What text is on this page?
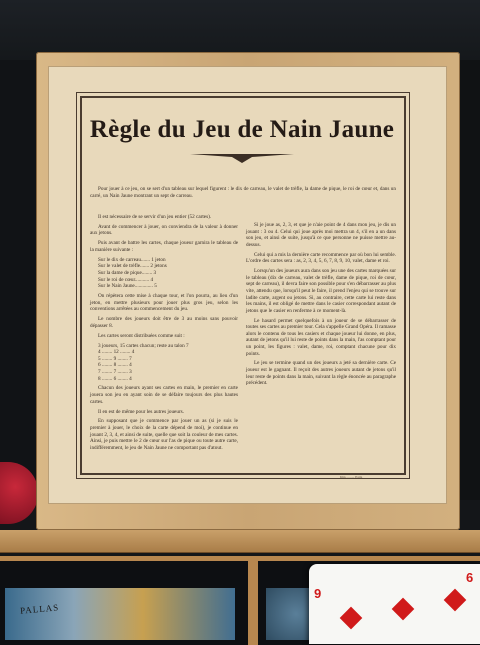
Règle du Jeu de Nain Jaune

Pour jouer à ce jeu, on se sert d'un tableau sur lequel figurent : le dix de carreau, le valet de trèfle, la dame de pique, le roi de cœur et, dans un carré, un Nain Jaune montrant un sept de carreau.

Il est nécessaire de se servir d'un jeu entier (52 cartes).

Avant de commencer à jouer, on conviendra de la valeur à donner aux jetons.

Puis avant de battre les cartes, chaque joueur garnira le tableau de la manière suivante :

Sur le dix de carreau....... 1 jeton

Sur le valet de trèfle....... 2 jetons

Sur la dame de pique........ 3

Sur le roi de cœur........... 4

Sur le Nain Jaune.............. 5

On répètera cette mise à chaque tour, et l'on pourra, au lieu d'un jeton, en mettre plusieurs pour jouer plus gros jeu, selon les conventions arrêtées au commencement du jeu.

Le nombre des joueurs doit être de 3 au moins sans pouvoir dépasser 8.

Les cartes seront distribuées comme suit :

3 joueurs, 15 cartes chacun; reste au talon 7

4 ........ 12 ........ 4

5 ........ 9 ........ 7

6 ........ 8 ........ 4

7 ........ 7 ........ 3

8 ........ 6 ........ 4

Chacun des joueurs ayant ses cartes en main, le premier en carte jouera son jeu en ayant soin de se défaire toujours des plus hautes cartes.

Il en est de même pour les autres joueurs.

En supposant que je commence par jouer un as (si je suis le premier à jouer, le choix de la carte dépend de moi), je continue en jouant 2, 3, 4, et ainsi de suite, quelle que soit la couleur de mes cartes. Ainsi, je puis mettre le 2 de cœur sur l'as de pique ou toute autre carte, indifféremment, le jeu de Nain Jaune ne comportant pas d'atout.

Si je joue as, 2, 3, et que je n'aie point de 4 dans mon jeu, je dis un jouant : 3 ou 4. Celui qui joue après moi mettra un 4, s'il en a un dans son jeu, et ainsi de suite, jusqu'à ce que personne ne puisse mettre au-dessus.

Celui qui a mis la dernière carte recommence par où bon lui semble. L'ordre des cartes sera : as, 2, 3, 4, 5, 6, 7, 8, 9, 10, valet, dame et roi.

Lorsqu'un des joueurs aura dans son jeu une des cartes marquées sur le tableau (dix de carreau, valet de trèfle, dame de pique, roi de cœur, sept de carreau), il devra faire son possible pour s'en débarrasser au plus vite, attendu que, lorsqu'il peut le faire, il prend l'enjeu qui se trouve sur ladite carte, argent ou jetons. Si, au contraire, cette carte lui reste dans les mains, il est obligé de mettre dans le casier correspondant autant de jetons que le casier en renferme à ce moment-là.

Le hasard permet quelquefois à un joueur de se débarrasser de toutes ses cartes au premier tour. Cela s'appelle Grand Opéra. Il ramasse alors le contenu de tous les casiers et chaque joueur lui donne, en plus, autant de jetons qu'il lui reste de points dans la main, l'as comptant pour un point, les figures : valet, dame, roi, comptant chacune pour dix points.

Le jeu se termine quand un des joueurs a jeté sa dernière carte. Ce joueur est le gagnant. Il reçoit des autres joueurs autant de jetons qu'il leur reste de points dans la main, suivant la règle énoncée au paragraphe précédent.

Imp. ........ Paris
PALLAS
6
6
